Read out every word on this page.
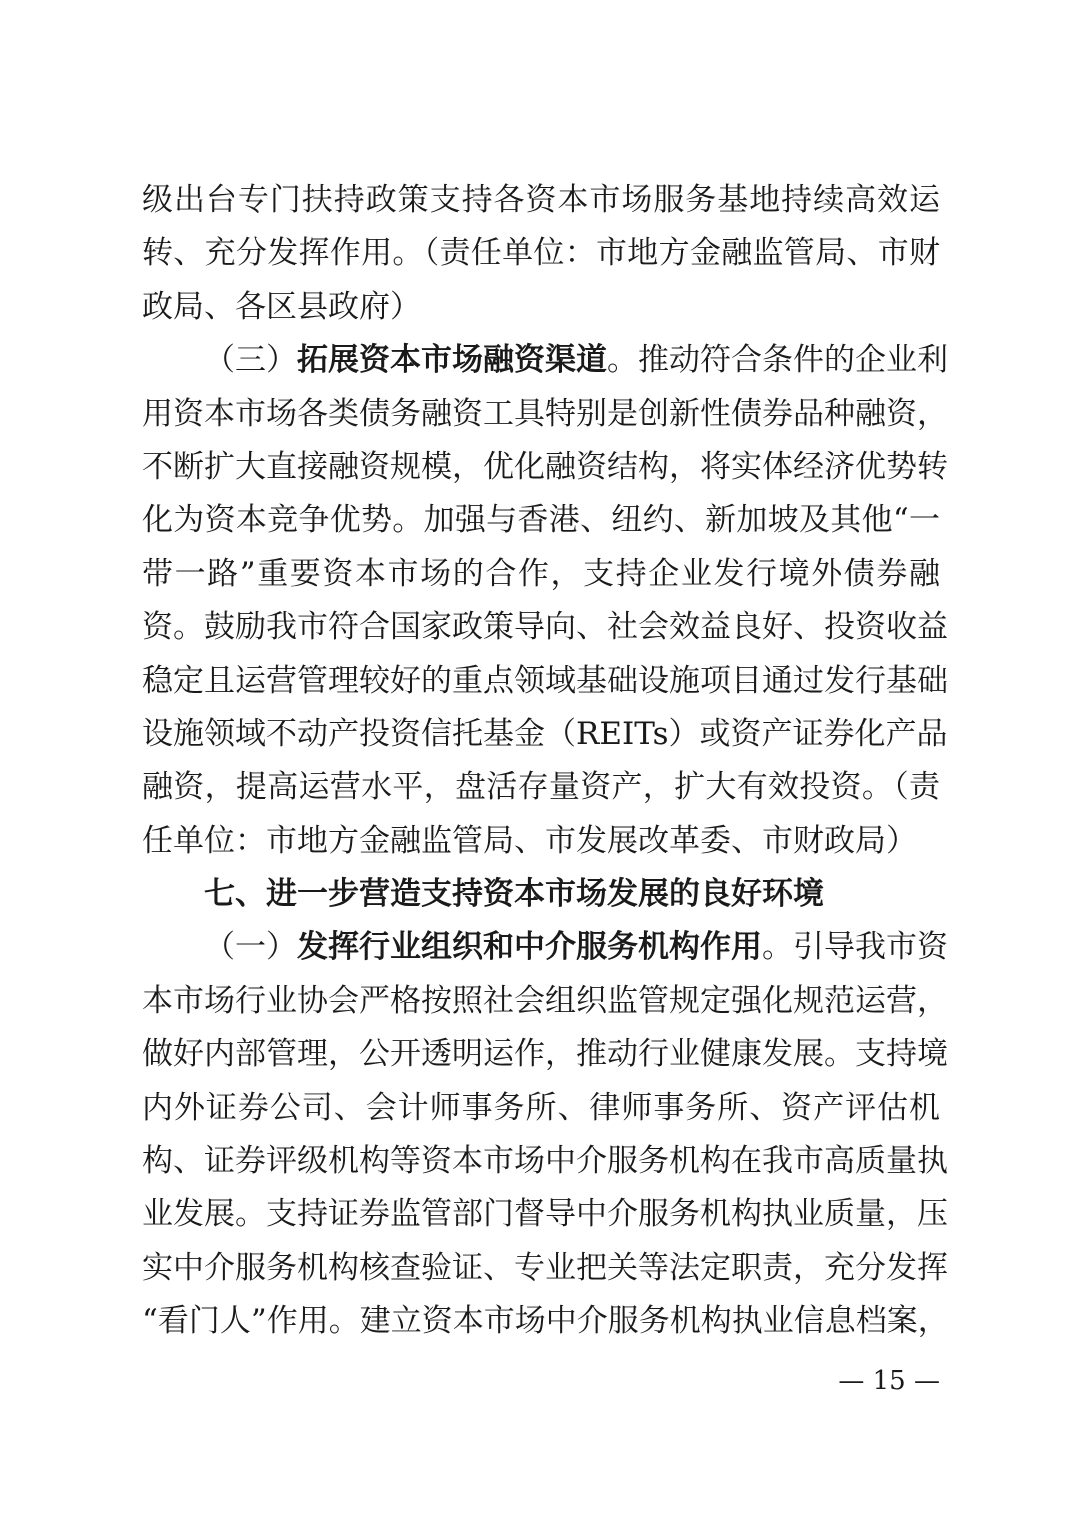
级出台专门扶持政策支持各资本市场服务基地持续高效运
转、充分发挥作用。（责任单位：市地方金融监管局、市财
政局、各区县政府）
（三）拓展资本市场融资渠道。推动符合条件的企业利
用资本市场各类债务融资工具特别是创新性债券品种融资，
不断扩大直接融资规模，优化融资结构，将实体经济优势转
化为资本竞争优势。加强与香港、纽约、新加坡及其他“一
带一路”重要资本市场的合作，支持企业发行境外债券融
资。鼓励我市符合国家政策导向、社会效益良好、投资收益
稳定且运营管理较好的重点领域基础设施项目通过发行基础
设施领域不动产投资信托基金（REITs）或资产证券化产品
融资，提高运营水平，盘活存量资产，扩大有效投资。（责
任单位：市地方金融监管局、市发展改革委、市财政局）
七、进一步营造支持资本市场发展的良好环境
（一）发挥行业组织和中介服务机构作用。引导我市资
本市场行业协会严格按照社会组织监管规定强化规范运营，
做好内部管理，公开透明运作，推动行业健康发展。支持境
内外证券公司、会计师事务所、律师事务所、资产评估机
构、证券评级机构等资本市场中介服务机构在我市高质量执
业发展。支持证券监管部门督导中介服务机构执业质量，压
实中介服务机构核查验证、专业把关等法定职责，充分发挥
“看门人”作用。建立资本市场中介服务机构执业信息档案，
— 15 —
